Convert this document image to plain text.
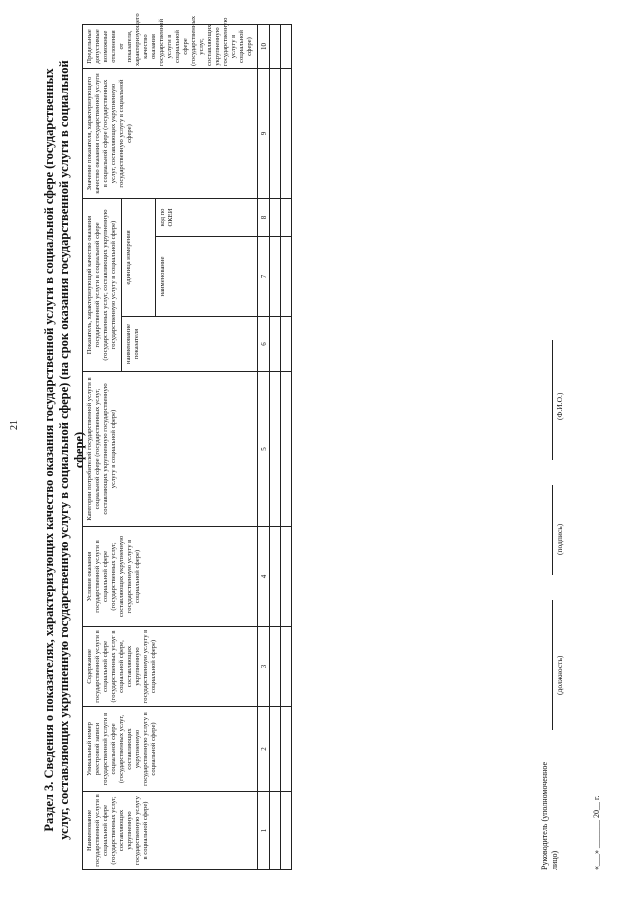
21 Раздел 3. Сведения о показателях, характеризующих качество оказания государственной услуги в социальной сфере (государственных услуг, составляющих укрупненную государственную услугу в социальной сфере) (на срок оказания государственной услуги в социальной сфере)
Наименование государственной услуги в социальной сфере (государственных услуг, составляющих укрупненную государственную услугу в социальной сфере)	Уникальный номер реестровой записи государственной услуги в социальной сфере (государственных услуг, составляющих укрупненную государственную услугу в социальной сфере)	Содержание государственной услуги в социальной сфере (государственных услуг в социальной сфере, составляющих укрупненную государственную услугу в социальной сфере)	Условия оказания государственной услуги в социальной сфере (государственных услуг, составляющих укрупненную государственную услугу в социальной сфере)	Категории потребителей государственной услуги в социальной сфере (государственных услуг, составляющих укрупненную государственную услугу в социальной сфере)	Показатель, характеризующий качество оказания государственной услуги в социальной сфере (государственных услуг, составляющих укрупненную государственную услугу в социальной сфере)			Значение показателя, характеризующего качество оказания государственной услуги в социальной сфере (государственных услуг, составляющих укрупненную государственную услугу в социальной сфере)	Предельные допустимые возможные отклонения от показателя, характеризующего качество оказания государственной услуги в социальной сфере (государственных услуг, составляющих укрупненную государственную услугу в социальной сфере)
					наименование показателя	единица измерения			
						наименование	код по ОКЕИ		
1	2	3	4	5	6	7	8	9	10

Руководитель (уполномоченное лицо)
(должность)
(подпись)
(Ф.И.О.)
«___» _______ 20__ г.
